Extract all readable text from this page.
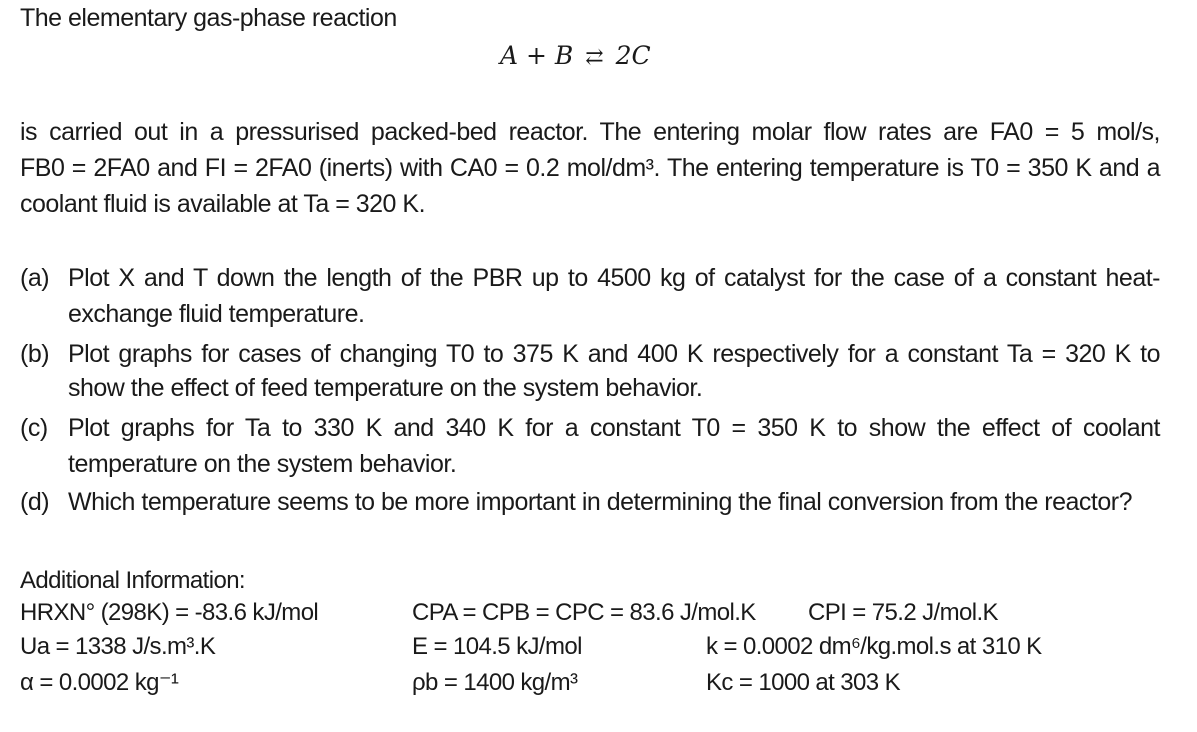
The elementary gas-phase reaction
A + B ⇄ 2C
is carried out in a pressurised packed-bed reactor. The entering molar flow rates are FA0 = 5 mol/s,
FB0 = 2FA0 and FI = 2FA0 (inerts) with CA0 = 0.2 mol/dm³. The entering temperature is T0 = 350 K and a
coolant fluid is available at Ta = 320 K.
(a) Plot X and T down the length of the PBR up to 4500 kg of catalyst for the case of a constant heat-
exchange fluid temperature.
(b) Plot graphs for cases of changing T0 to 375 K and 400 K respectively for a constant Ta = 320 K to
show the effect of feed temperature on the system behavior.
(c) Plot graphs for Ta to 330 K and 340 K for a constant T0 = 350 K to show the effect of coolant
temperature on the system behavior.
(d) Which temperature seems to be more important in determining the final conversion from the reactor?
Additional Information:
HRXN° (298K) = -83.6 kJ/mol
Ua = 1338 J/s.m³.K
α = 0.0002 kg⁻¹
CPA = CPB = CPC = 83.6 J/mol.K
E = 104.5 kJ/mol
ρb = 1400 kg/m³
CPI = 75.2 J/mol.K
k = 0.0002 dm⁶/kg.mol.s at 310 K
Kc = 1000 at 303 K
